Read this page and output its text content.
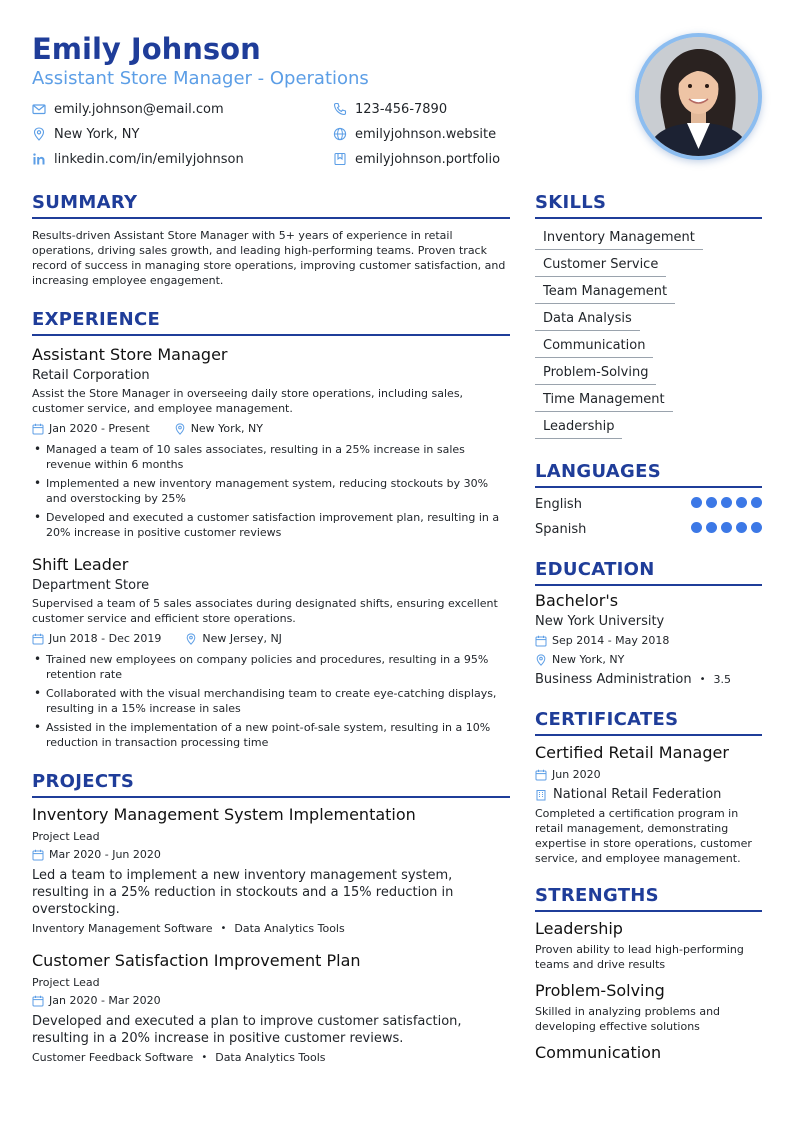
Emily Johnson
Assistant Store Manager - Operations
emily.johnson@email.com	123-456-7890
New York, NY	emilyjohnson.website
linkedin.com/in/emilyjohnson	emilyjohnson.portfolio
SUMMARY
Results-driven Assistant Store Manager with 5+ years of experience in retail operations, driving sales growth, and leading high-performing teams. Proven track record of success in managing store operations, improving customer satisfaction, and increasing employee engagement.
EXPERIENCE
Assistant Store Manager
Retail Corporation
Assist the Store Manager in overseeing daily store operations, including sales, customer service, and employee management.
Jan 2020 - Present	New York, NY
• Managed a team of 10 sales associates, resulting in a 25% increase in sales revenue within 6 months
• Implemented a new inventory management system, reducing stockouts by 30% and overstocking by 25%
• Developed and executed a customer satisfaction improvement plan, resulting in a 20% increase in positive customer reviews
Shift Leader
Department Store
Supervised a team of 5 sales associates during designated shifts, ensuring excellent customer service and efficient store operations.
Jun 2018 - Dec 2019	New Jersey, NJ
• Trained new employees on company policies and procedures, resulting in a 95% retention rate
• Collaborated with the visual merchandising team to create eye-catching displays, resulting in a 15% increase in sales
• Assisted in the implementation of a new point-of-sale system, resulting in a 10% reduction in transaction processing time
PROJECTS
Inventory Management System Implementation
Project Lead
Mar 2020 - Jun 2020
Led a team to implement a new inventory management system, resulting in a 25% reduction in stockouts and a 15% reduction in overstocking.
Inventory Management Software • Data Analytics Tools
Customer Satisfaction Improvement Plan
Project Lead
Jan 2020 - Mar 2020
Developed and executed a plan to improve customer satisfaction, resulting in a 20% increase in positive customer reviews.
Customer Feedback Software • Data Analytics Tools
SKILLS
Inventory Management
Customer Service
Team Management
Data Analysis
Communication
Problem-Solving
Time Management
Leadership
LANGUAGES
English
Spanish
EDUCATION
Bachelor's
New York University
Sep 2014 - May 2018
New York, NY
Business Administration • 3.5
CERTIFICATES
Certified Retail Manager
Jun 2020
National Retail Federation
Completed a certification program in retail management, demonstrating expertise in store operations, customer service, and employee management.
STRENGTHS
Leadership
Proven ability to lead high-performing teams and drive results
Problem-Solving
Skilled in analyzing problems and developing effective solutions
Communication
